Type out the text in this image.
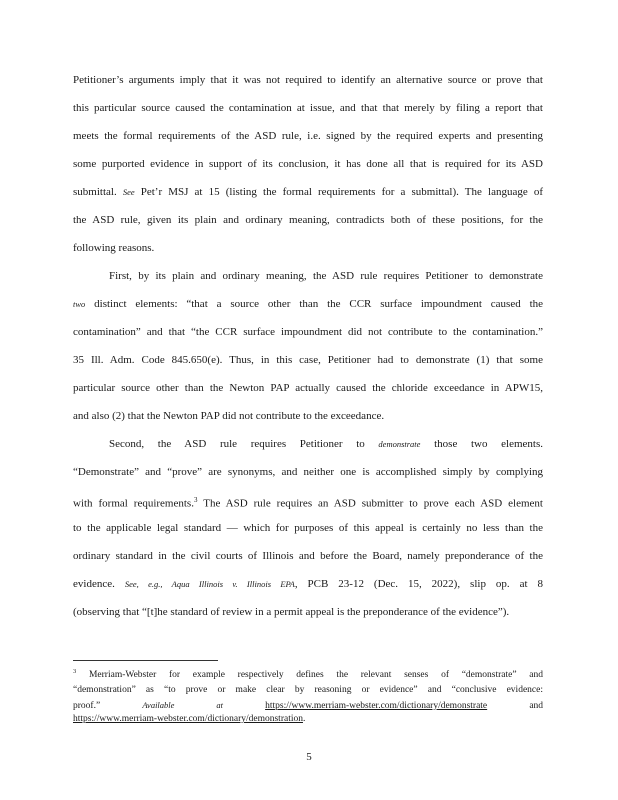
Petitioner’s arguments imply that it was not required to identify an alternative source or prove that
this particular source caused the contamination at issue, and that that merely by filing a report that
meets the formal requirements of the ASD rule, i.e. signed by the required experts and presenting
some purported evidence in support of its conclusion, it has done all that is required for its ASD
submittal. See Pet’r MSJ at 15 (listing the formal requirements for a submittal). The language of
the ASD rule, given its plain and ordinary meaning, contradicts both of these positions, for the
following reasons.
First, by its plain and ordinary meaning, the ASD rule requires Petitioner to demonstrate
two distinct elements: “that a source other than the CCR surface impoundment caused the
contamination” and that “the CCR surface impoundment did not contribute to the contamination.”
35 Ill. Adm. Code 845.650(e). Thus, in this case, Petitioner had to demonstrate (1) that some
particular source other than the Newton PAP actually caused the chloride exceedance in APW15,
and also (2) that the Newton PAP did not contribute to the exceedance.
Second, the ASD rule requires Petitioner to demonstrate those two elements.
“Demonstrate” and “prove” are synonyms, and neither one is accomplished simply by complying
with formal requirements.$^3$ The ASD rule requires an ASD submitter to prove each ASD element
to the applicable legal standard — which for purposes of this appeal is certainly no less than the
ordinary standard in the civil courts of Illinois and before the Board, namely preponderance of the
evidence. See, e.g., Aqua Illinois v. Illinois EPA, PCB 23-12 (Dec. 15, 2022), slip op. at 8
(observing that “[t]he standard of review in a permit appeal is the preponderance of the evidence”).
$^3$ Merriam-Webster for example respectively defines the relevant senses of “demonstrate” and
“demonstration” as “to prove or make clear by reasoning or evidence” and “conclusive evidence:
proof.”	Available at	https://www.merriam-webster.com/dictionary/demonstrate	and
https://www.merriam-webster.com/dictionary/demonstration.
5
